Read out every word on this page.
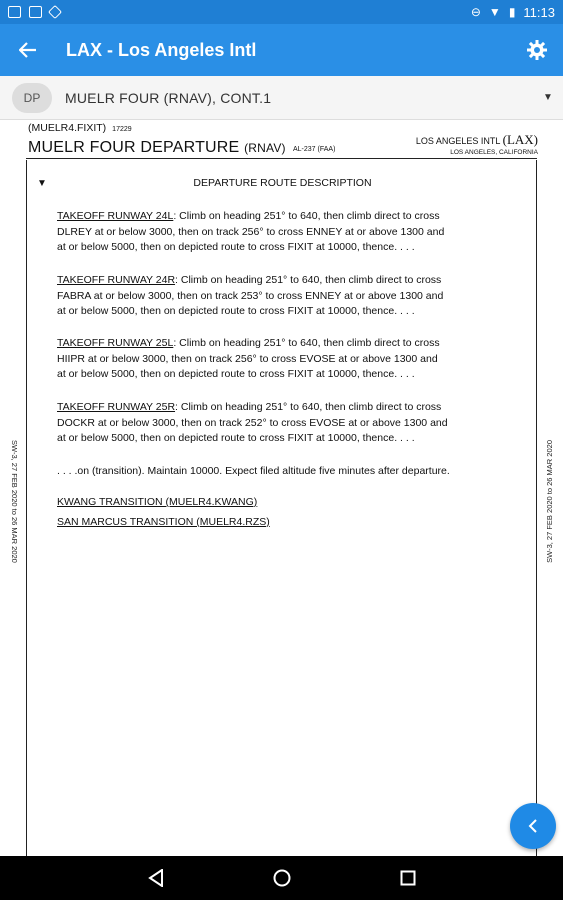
⊖ ▼ ▮ 11:13
LAX - Los Angeles Intl
DP	MUELR FOUR (RNAV), CONT.1	▼
(MUELR4.FIXIT) 17229
MUELR FOUR DEPARTURE (RNAV) AL-237 (FAA)
LOS ANGELES INTL (LAX)
LOS ANGELES, CALIFORNIA
SW-3, 27 FEB 2020 to 26 MAR 2020	SW-3, 27 FEB 2020 to 26 MAR 2020
▼	DEPARTURE ROUTE DESCRIPTION
TAKEOFF RUNWAY 24L: Climb on heading 251° to 640, then climb direct to cross
DLREY at or below 3000, then on track 256° to cross ENNEY at or above 1300 and
at or below 5000, then on depicted route to cross FIXIT at 10000, thence. . . .
TAKEOFF RUNWAY 24R: Climb on heading 251° to 640, then climb direct to cross
FABRA at or below 3000, then on track 253° to cross ENNEY at or above 1300 and
at or below 5000, then on depicted route to cross FIXIT at 10000, thence. . . .
TAKEOFF RUNWAY 25L: Climb on heading 251° to 640, then climb direct to cross
HIIPR at or below 3000, then on track 256° to cross EVOSE at or above 1300 and
at or below 5000, then on depicted route to cross FIXIT at 10000, thence. . . .
TAKEOFF RUNWAY 25R: Climb on heading 251° to 640, then climb direct to cross
DOCKR at or below 3000, then on track 252° to cross EVOSE at or above 1300 and
at or below 5000, then on depicted route to cross FIXIT at 10000, thence. . . .
. . . .on (transition). Maintain 10000. Expect filed altitude five minutes after departure.
KWANG TRANSITION (MUELR4.KWANG)
SAN MARCUS TRANSITION (MUELR4.RZS)
